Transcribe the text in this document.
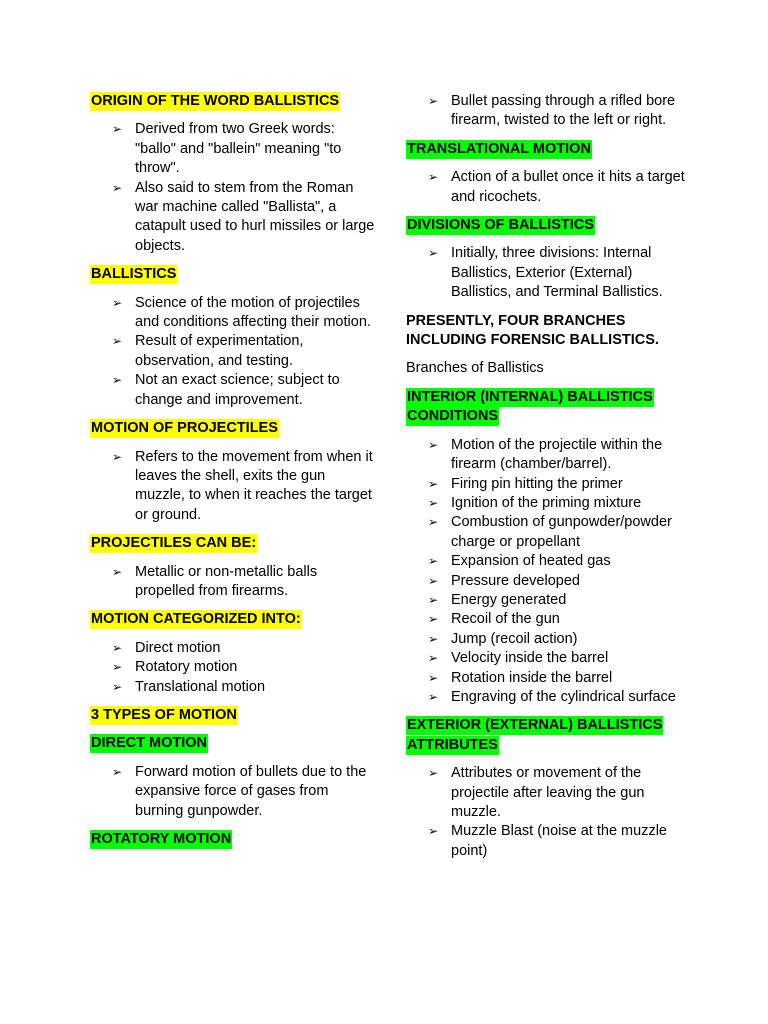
ORIGIN OF THE WORD BALLISTICS
➢ Derived from two Greek words: "ballo" and "ballein" meaning "to throw".
➢ Also said to stem from the Roman war machine called "Ballista", a catapult used to hurl missiles or large objects.
BALLISTICS
➢ Science of the motion of projectiles and conditions affecting their motion.
➢ Result of experimentation, observation, and testing.
➢ Not an exact science; subject to change and improvement.
MOTION OF PROJECTILES
➢ Refers to the movement from when it leaves the shell, exits the gun muzzle, to when it reaches the target or ground.
PROJECTILES CAN BE:
➢ Metallic or non-metallic balls propelled from firearms.
MOTION CATEGORIZED INTO:
➢ Direct motion
➢ Rotatory motion
➢ Translational motion
3 TYPES OF MOTION
DIRECT MOTION
➢ Forward motion of bullets due to the expansive force of gases from burning gunpowder.
ROTATORY MOTION
➢ Bullet passing through a rifled bore firearm, twisted to the left or right.
TRANSLATIONAL MOTION
➢ Action of a bullet once it hits a target and ricochets.
DIVISIONS OF BALLISTICS
➢ Initially, three divisions: Internal Ballistics, Exterior (External) Ballistics, and Terminal Ballistics.
PRESENTLY, FOUR BRANCHES INCLUDING FORENSIC BALLISTICS.
Branches of Ballistics
INTERIOR (INTERNAL) BALLISTICS CONDITIONS
➢ Motion of the projectile within the firearm (chamber/barrel).
➢ Firing pin hitting the primer
➢ Ignition of the priming mixture
➢ Combustion of gunpowder/powder charge or propellant
➢ Expansion of heated gas
➢ Pressure developed
➢ Energy generated
➢ Recoil of the gun
➢ Jump (recoil action)
➢ Velocity inside the barrel
➢ Rotation inside the barrel
➢ Engraving of the cylindrical surface
EXTERIOR (EXTERNAL) BALLISTICS ATTRIBUTES
➢ Attributes or movement of the projectile after leaving the gun muzzle.
➢ Muzzle Blast (noise at the muzzle point)
